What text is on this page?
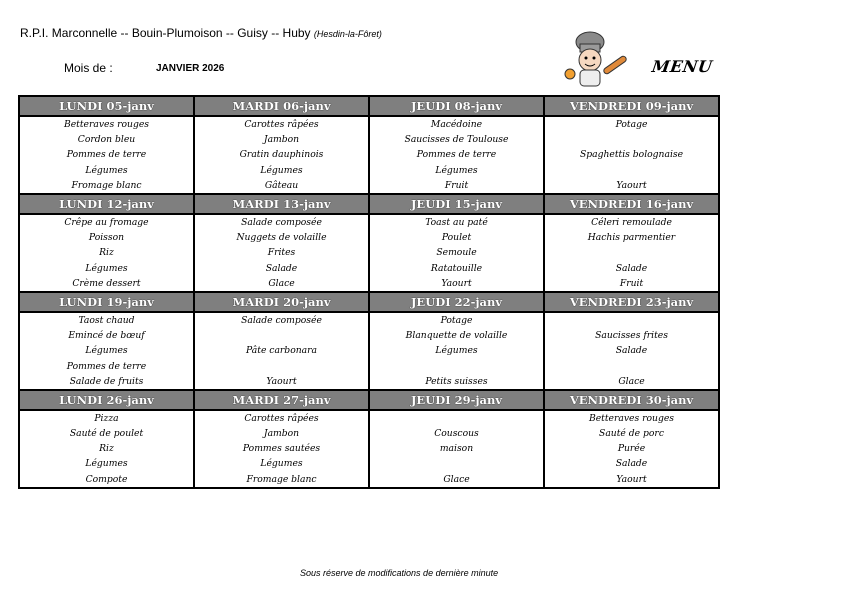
R.P.I. Marconnelle -- Bouin-Plumoison -- Guisy -- Huby (Hesdin-la-Fôret)
Mois de :	JANVIER 2026	MENU
LUNDI 05-janv	MARDI 06-janv	JEUDI 08-janv	VENDREDI 09-janv
Betteraves rouges	Carottes râpées	Macédoine	Potage
Cordon bleu	Jambon	Saucisses de Toulouse	
Pommes de terre	Gratin dauphinois	Pommes de terre	Spaghettis bolognaise
Légumes	Légumes	Légumes	
Fromage blanc	Gâteau	Fruit	Yaourt
LUNDI 12-janv	MARDI 13-janv	JEUDI 15-janv	VENDREDI 16-janv
Crêpe au fromage	Salade composée	Toast au paté	Céleri remoulade
Poisson	Nuggets de volaille	Poulet	Hachis parmentier
Riz	Frites	Semoule	
Légumes	Salade	Ratatouille	Salade
Crème dessert	Glace	Yaourt	Fruit
LUNDI 19-janv	MARDI 20-janv	JEUDI 22-janv	VENDREDI 23-janv
Taost chaud	Salade composée	Potage	
Emincé de bœuf		Blanquette de volaille	Saucisses frites
Légumes	Pâte carbonara	Légumes	Salade
Pommes de terre			
Salade de fruits	Yaourt	Petits suisses	Glace
LUNDI 26-janv	MARDI 27-janv	JEUDI 29-janv	VENDREDI 30-janv
Pizza	Carottes râpées		Betteraves rouges
Sauté de poulet	Jambon	Couscous	Sauté de porc
Riz	Pommes sautées	maison	Purée
Légumes	Légumes		Salade
Compote	Fromage blanc	Glace	Yaourt
Sous réserve de modifications de dernière minute
